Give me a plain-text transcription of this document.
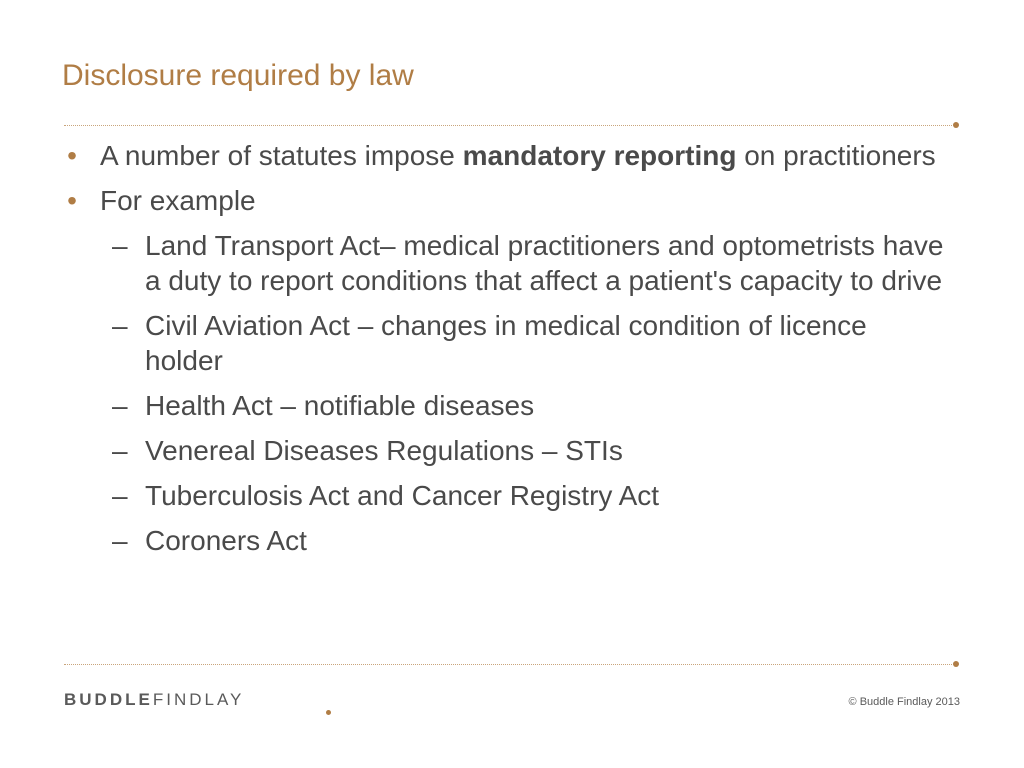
Disclosure required by law
• A number of statutes impose mandatory reporting on practitioners
• For example
– Land Transport Act– medical practitioners and optometrists have a duty to report conditions that affect a patient's capacity to drive
– Civil Aviation Act – changes in medical condition of licence holder
– Health Act – notifiable diseases
– Venereal Diseases Regulations – STIs
– Tuberculosis Act and Cancer Registry Act
– Coroners Act
BUDDLE FINDLAY	© Buddle Findlay 2013
